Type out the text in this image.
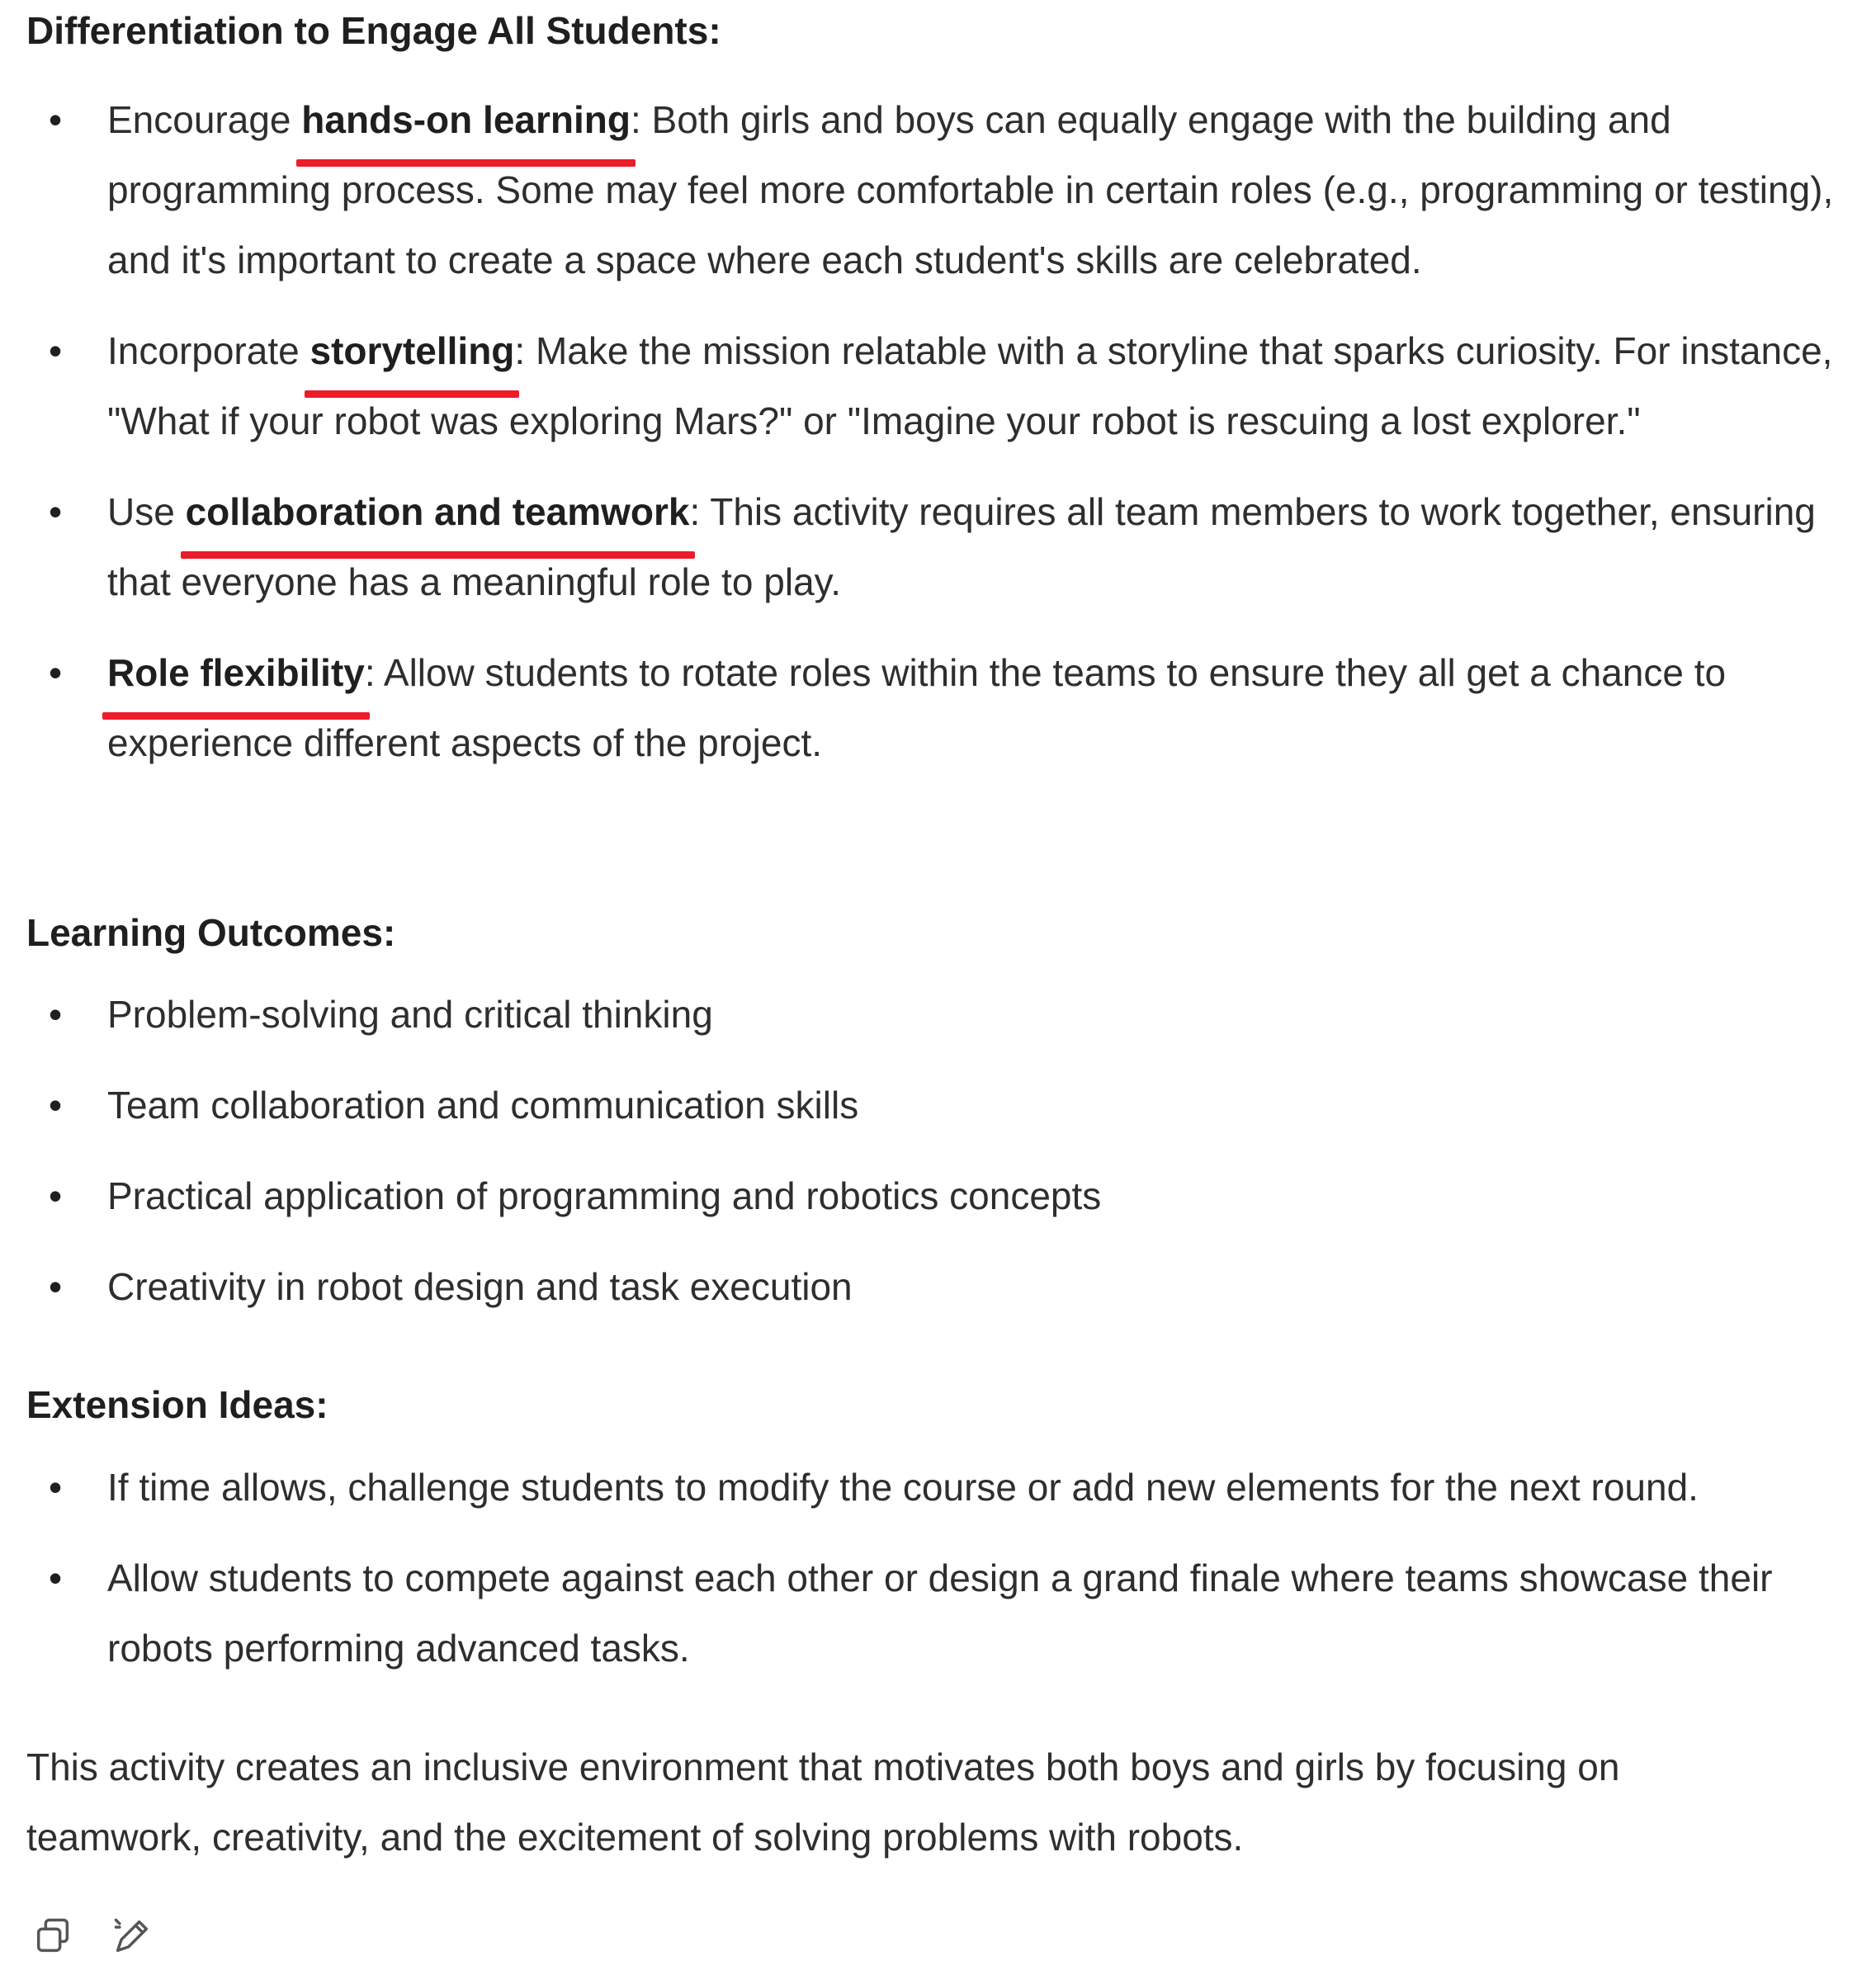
Differentiation to Engage All Students:
• Encourage hands-on learning: Both girls and boys can equally engage with the building and programming process. Some may feel more comfortable in certain roles (e.g., programming or testing), and it's important to create a space where each student's skills are celebrated.
• Incorporate storytelling: Make the mission relatable with a storyline that sparks curiosity. For instance, "What if your robot was exploring Mars?" or "Imagine your robot is rescuing a lost explorer."
• Use collaboration and teamwork: This activity requires all team members to work together, ensuring that everyone has a meaningful role to play.
• Role flexibility: Allow students to rotate roles within the teams to ensure they all get a chance to experience different aspects of the project.
Learning Outcomes:
• Problem-solving and critical thinking
• Team collaboration and communication skills
• Practical application of programming and robotics concepts
• Creativity in robot design and task execution
Extension Ideas:
• If time allows, challenge students to modify the course or add new elements for the next round.
• Allow students to compete against each other or design a grand finale where teams showcase their robots performing advanced tasks.

This activity creates an inclusive environment that motivates both boys and girls by focusing on teamwork, creativity, and the excitement of solving problems with robots.
